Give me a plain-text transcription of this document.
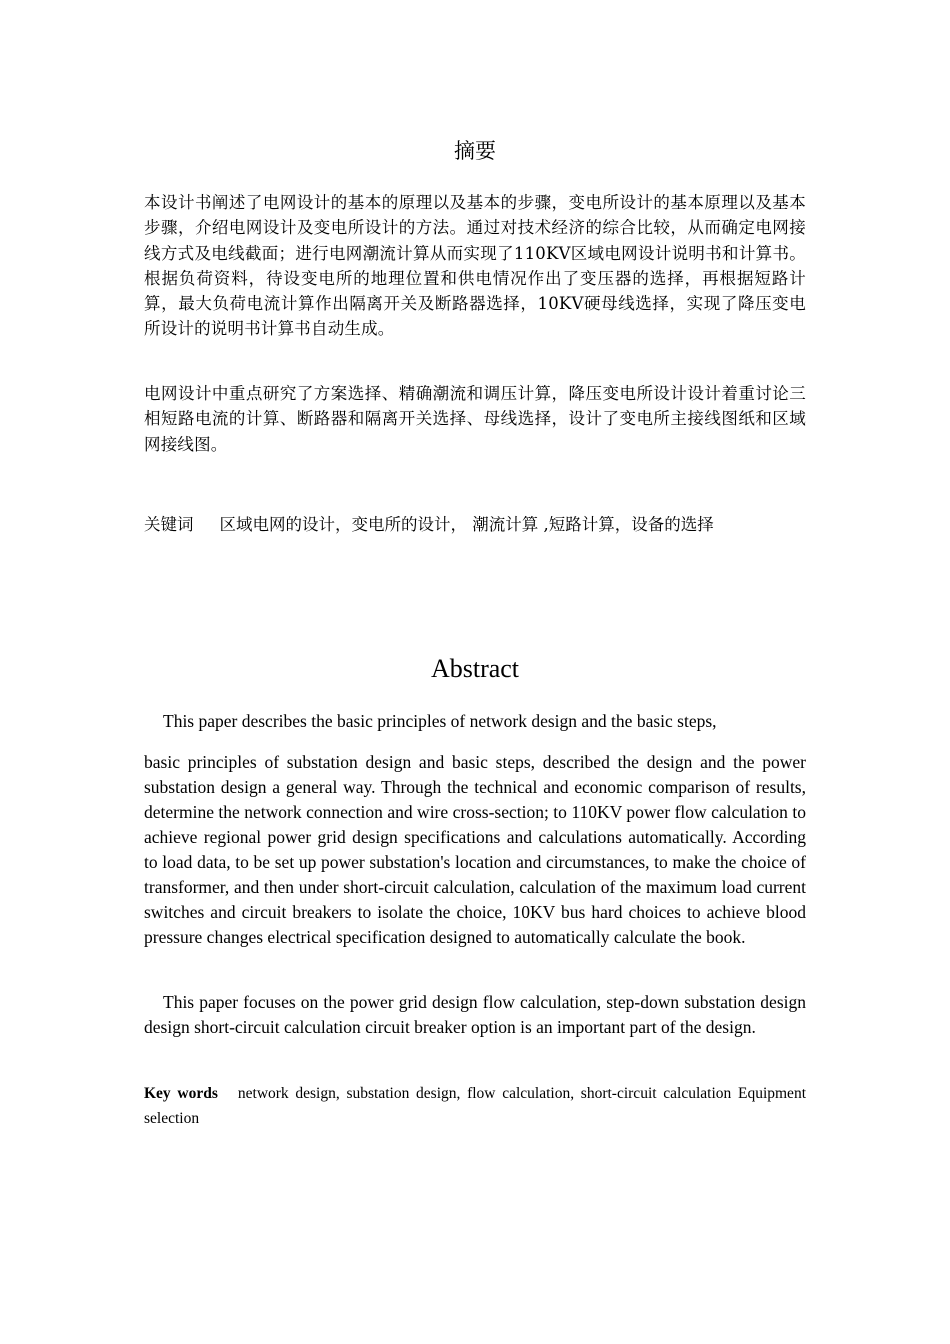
摘要

本设计书阐述了电网设计的基本的原理以及基本的步骤，变电所设计的基本原理以及基本步骤，介绍电网设计及变电所设计的方法。通过对技术经济的综合比较，从而确定电网接线方式及电线截面；进行电网潮流计算从而实现了110KV区域电网设计说明书和计算书。根据负荷资料，待设变电所的地理位置和供电情况作出了变压器的选择，再根据短路计算，最大负荷电流计算作出隔离开关及断路器选择，10KV硬母线选择，实现了降压变电所设计的说明书计算书自动生成。

电网设计中重点研究了方案选择、精确潮流和调压计算，降压变电所设计设计着重讨论三相短路电流的计算、断路器和隔离开关选择、母线选择，设计了变电所主接线图纸和区域网接线图。

关键词 区域电网的设计，变电所的设计， 潮流计算 ,短路计算，设备的选择
Abstract

This paper describes the basic principles of network design and the basic steps,

basic principles of substation design and basic steps, described the design and the power substation design a general way. Through the technical and economic comparison of results, determine the network connection and wire cross-section; to 110KV power flow calculation to achieve regional power grid design specifications and calculations automatically. According to load data, to be set up power substation's location and circumstances, to make the choice of transformer, and then under short-circuit calculation, calculation of the maximum load current switches and circuit breakers to isolate the choice, 10KV bus hard choices to achieve blood pressure changes electrical specification designed to automatically calculate the book.

This paper focuses on the power grid design flow calculation, step-down substation design design short-circuit calculation circuit breaker option is an important part of the design.

Key words network design, substation design, flow calculation, short-circuit calculation Equipment selection
